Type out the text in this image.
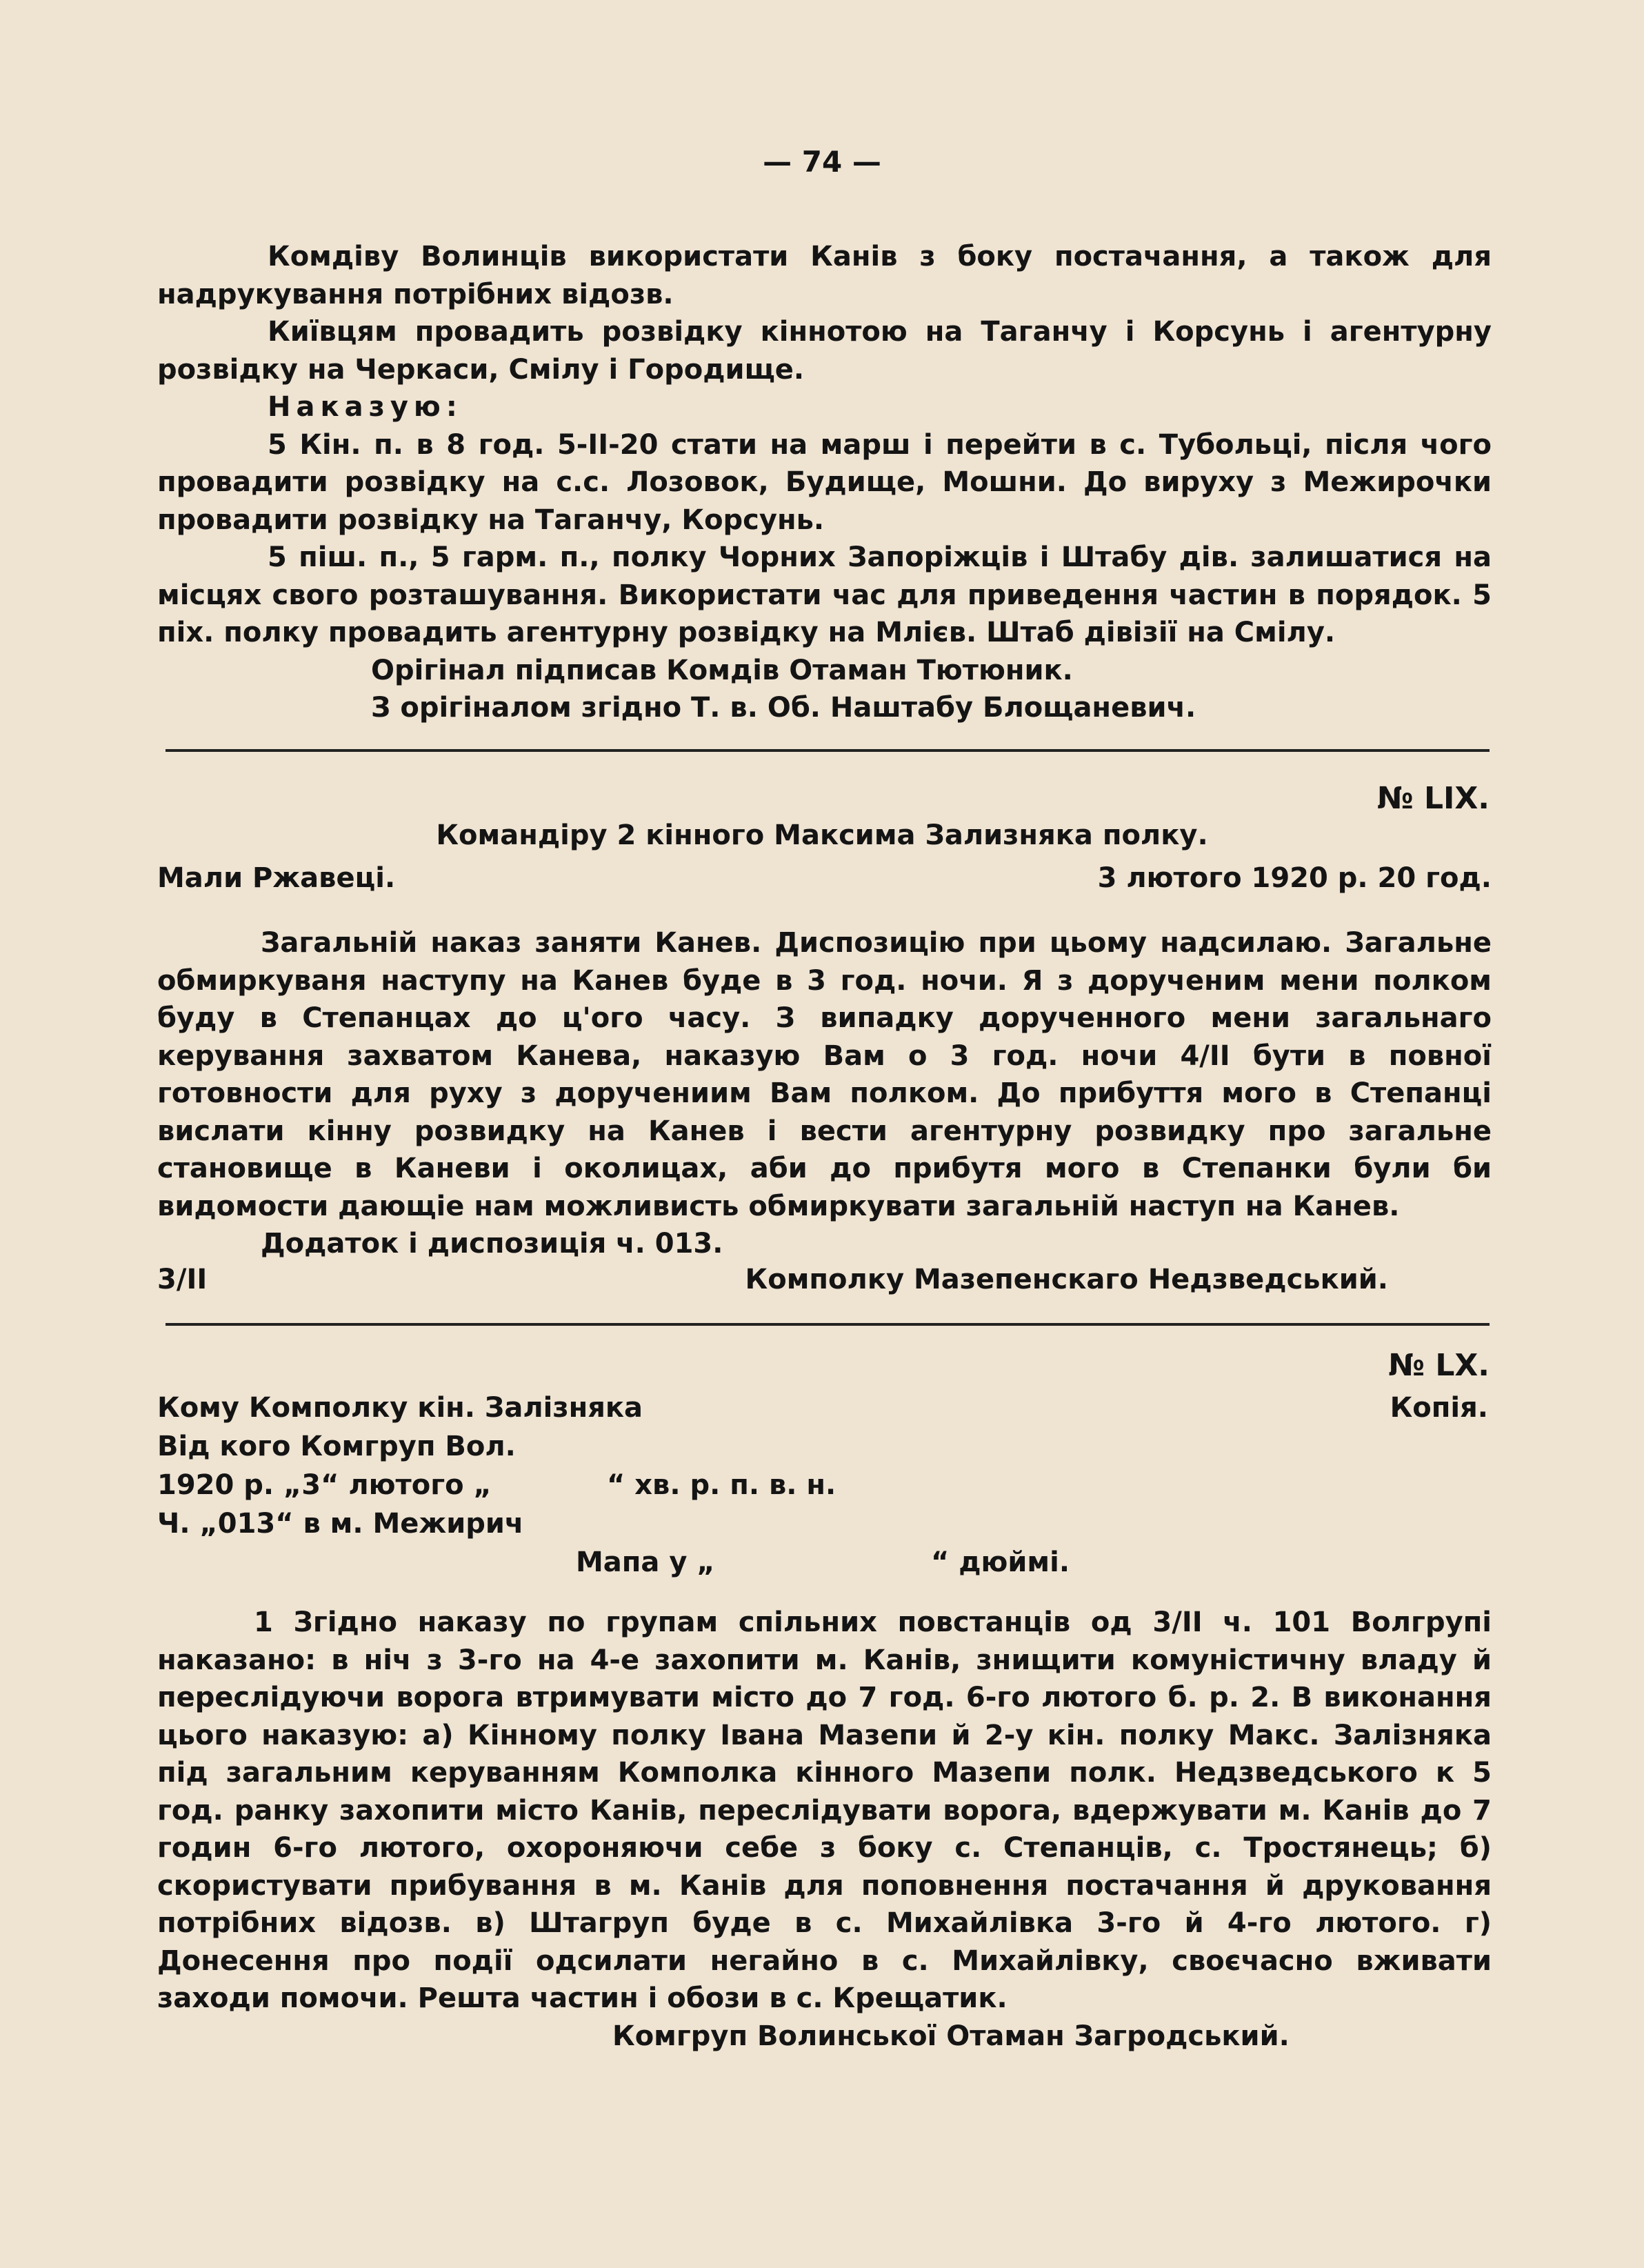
— 74 —

Комдіву Волинців використати Канів з боку постачання, а також для надрукування потрібних відозв.

Київцям провадить розвідку кіннотою на Таганчу і Корсунь і агентурну розвідку на Черкаси, Смілу і Городище.

Наказую:

5 Кін. п. в 8 год. 5-ІІ-20 стати на марш і перейти в с. Тубольці, після чого провадити розвідку на с.с. Лозовок, Будище, Мошни. До вируху з Межирочки провадити розвідку на Таганчу, Корсунь.

5 піш. п., 5 гарм. п., полку Чорних Запоріжців і Штабу дів. залишатися на місцях свого розташування. Використати час для приведення частин в порядок. 5 піх. полку провадить агентурну розвідку на Млієв. Штаб дівізії на Смілу.

Орігінал підписав Комдів Отаман Тютюник.

З орігіналом згідно Т. в. Об. Наштабу Блощаневич.

№ LIX.
Командіру 2 кінного Максима Зализняка полку.
Мали Ржавеці.	3 лютого 1920 р. 20 год.

Загальній наказ заняти Канев. Диспозицію при цьому надсилаю. Загальне обмиркуваня наступу на Канев буде в 3 год. ночи. Я з дорученим мени полком буду в Степанцах до ц'ого часу. З випадку дорученного мени загальнаго керування захватом Канева, наказую Вам о 3 год. ночи 4/ІІ бути в повної готовности для руху з доручениим Вам полком. До прибуття мого в Степанці вислати кінну розвидку на Канев і вести агентурну розвидку про загальне становище в Каневи і околицах, аби до прибутя мого в Степанки були би видомости дающіе нам можливисть обмиркувати загальній наступ на Канев.

Додаток і диспозиція ч. 013.

3/ІІ	Комполку Мазепенскаго Недзведський.
№ LX.
Кому Комполку кін. Залізняка	Копія.
Від кого Комгруп Вол.
1920 р. „3“ лютого „	“ хв. р. п. в. н.
Ч. „013“ в м. Межирич
Мапа у „	“ дюймі.

1 Згідно наказу по групам спільних повстанців од 3/ІІ ч. 101 Волгрупі наказано: в ніч з 3-го на 4-е захопити м. Канів, знищити комуністичну владу й переслідуючи ворога втримувати місто до 7 год. 6-го лютого б. р. 2. В виконання цього наказую: а) Кінному полку Івана Мазепи й 2-у кін. полку Макс. Залізняка під загальним керуванням Комполка кінного Мазепи полк. Недзведського к 5 год. ранку захопити місто Канів, переслідувати ворога, вдержувати м. Канів до 7 годин 6-го лютого, охороняючи себе з боку с. Степанців, с. Тростянець; б) скористувати прибування в м. Канів для поповнення постачання й друковання потрібних відозв. в) Штагруп буде в с. Михайлівка 3-го й 4-го лютого. г) Донесення про події одсилати негайно в с. Михайлівку, своєчасно вживати заходи помочи. Решта частин і обози в с. Крещатик.

Комгруп Волинської Отаман Загродський.
